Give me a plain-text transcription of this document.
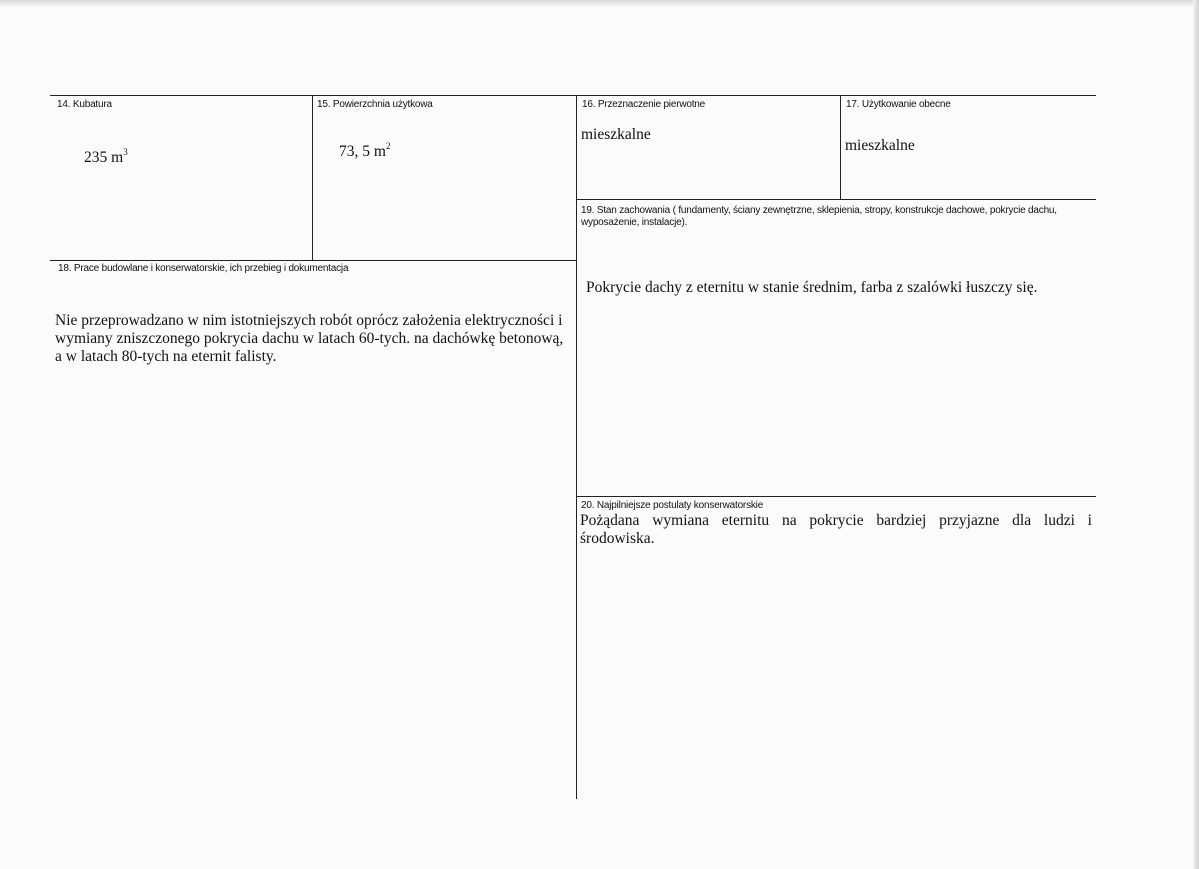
14. Kubatura
235 $m^3$
15. Powierzchnia użytkowa
73, 5 $m^2$
16. Przeznaczenie pierwotne
mieszkalne
17. Użytkowanie obecne
mieszkalne
19. Stan zachowania ( fundamenty, ściany zewnętrzne, sklepienia, stropy, konstrukcje dachowe, pokrycie dachu,
wyposażenie, instalacje).
Pokrycie dachy z eternitu w stanie średnim, farba z szalówki łuszczy się.
18. Prace budowlane i konserwatorskie, ich przebieg i dokumentacja
Nie przeprowadzano w nim istotniejszych robót oprócz założenia elektryczności i
wymiany zniszczonego pokrycia dachu w latach 60-tych. na dachówkę betonową,
a w latach 80-tych na eternit falisty.
20. Najpilniejsze postulaty konserwatorskie
Pożądana wymiana eternitu na pokrycie bardziej przyjazne dla ludzi i
środowiska.
